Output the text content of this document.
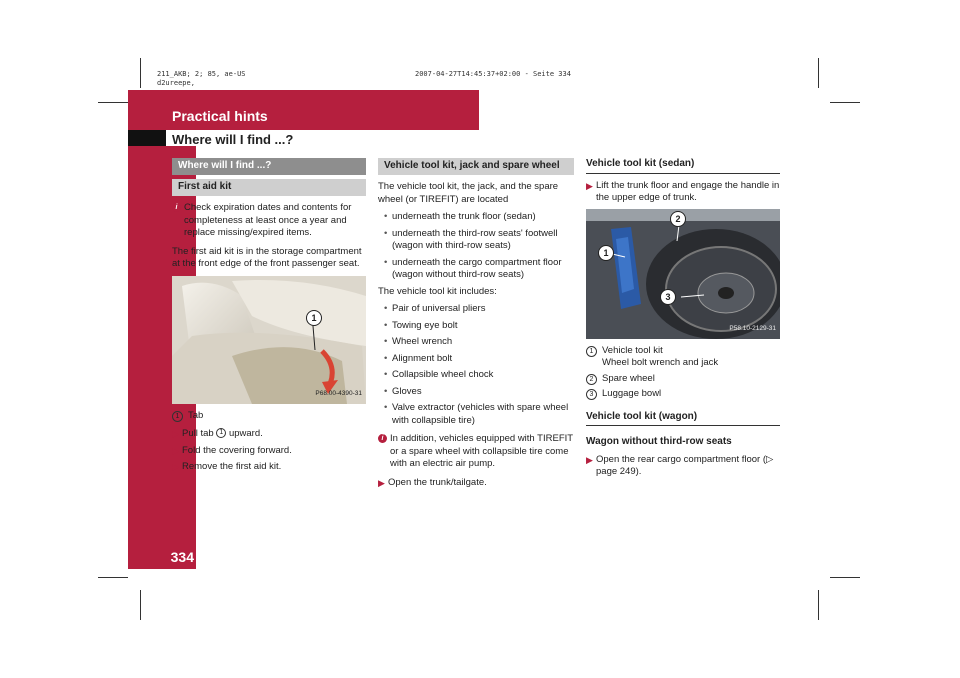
211_AKB; 2; 85, ae-US
d2ureepe,
2007-04-27T14:45:37+02:00 - Seite 334
Practical hints
Where will I find ...?
334
Where will I find ...?
First aid kit
i Check expiration dates and contents for completeness at least once a year and replace missing/expired items.

The first aid kit is in the storage compartment at the front edge of the front passenger seat.

1
P68.00-4390-31
1 Tab
▶ Pull tab 1 upward.
▶ Fold the covering forward.
▶ Remove the first aid kit.
Vehicle tool kit, jack and spare wheel

The vehicle tool kit, the jack, and the spare wheel (or TIREFIT) are located

• underneath the trunk floor (sedan)
• underneath the third-row seats' footwell (wagon with third-row seats)
• underneath the cargo compartment floor (wagon without third-row seats)

The vehicle tool kit includes:

• Pair of universal pliers
• Towing eye bolt
• Wheel wrench
• Alignment bolt
• Collapsible wheel chock
• Gloves
• Valve extractor (vehicles with spare wheel with collapsible tire)
i In addition, vehicles equipped with TIREFIT or a spare wheel with collapsible tire come with an electric air pump.
▶ Open the trunk/tailgate.
Vehicle tool kit (sedan)
▶ Lift the trunk floor and engage the handle in the upper edge of trunk.
1
2
3
P58.10-2129-31
1 Vehicle tool kit
Wheel bolt wrench and jack
2 Spare wheel
3 Luggage bowl
Vehicle tool kit (wagon)
Wagon without third-row seats
▶ Open the rear cargo compartment floor (▷ page 249).
